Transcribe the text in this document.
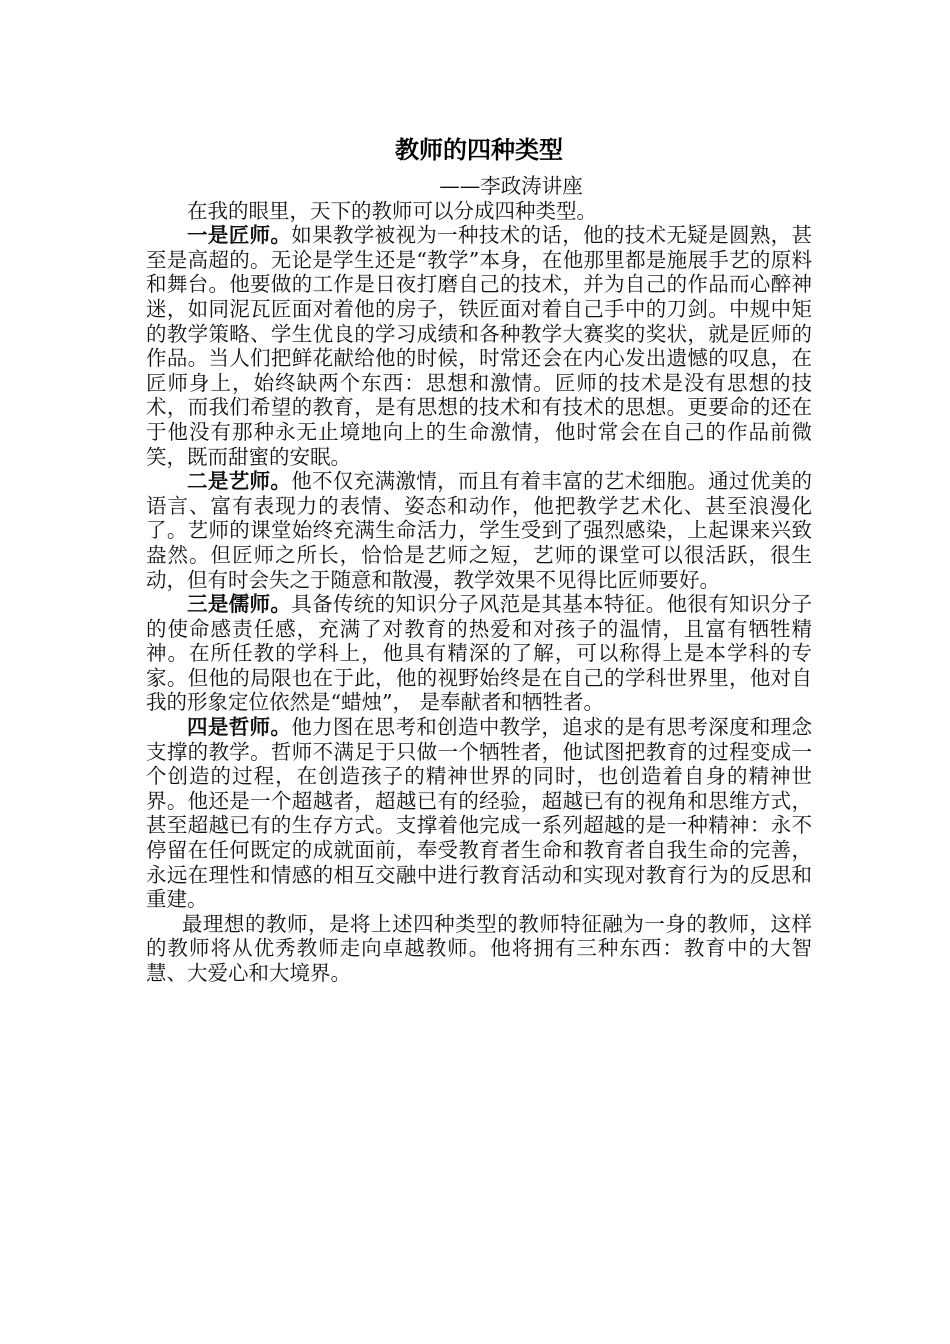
教师的四种类型

——李政涛讲座

在我的眼里，天下的教师可以分成四种类型。

一是匠师。如果教学被视为一种技术的话，他的技术无疑是圆熟，甚至是高超的。无论是学生还是“教学”本身，在他那里都是施展手艺的原料和舞台。他要做的工作是日夜打磨自己的技术，并为自己的作品而心醉神迷，如同泥瓦匠面对着他的房子，铁匠面对着自己手中的刀剑。中规中矩的教学策略、学生优良的学习成绩和各种教学大赛奖的奖状，就是匠师的作品。当人们把鲜花献给他的时候，时常还会在内心发出遗憾的叹息，在匠师身上，始终缺两个东西：思想和激情。匠师的技术是没有思想的技术，而我们希望的教育，是有思想的技术和有技术的思想。更要命的还在于他没有那种永无止境地向上的生命激情，他时常会在自己的作品前微笑，既而甜蜜的安眠。

二是艺师。他不仅充满激情，而且有着丰富的艺术细胞。通过优美的语言、富有表现力的表情、姿态和动作，他把教学艺术化、甚至浪漫化了。艺师的课堂始终充满生命活力，学生受到了强烈感染，上起课来兴致盎然。但匠师之所长，恰恰是艺师之短，艺师的课堂可以很活跃，很生动，但有时会失之于随意和散漫，教学效果不见得比匠师要好。

三是儒师。具备传统的知识分子风范是其基本特征。他很有知识分子的使命感责任感，充满了对教育的热爱和对孩子的温情，且富有牺牲精神。在所任教的学科上，他具有精深的了解，可以称得上是本学科的专家。但他的局限也在于此，他的视野始终是在自己的学科世界里，他对自我的形象定位依然是“蜡烛”， 是奉献者和牺牲者。

四是哲师。他力图在思考和创造中教学，追求的是有思考深度和理念支撑的教学。哲师不满足于只做一个牺牲者，他试图把教育的过程变成一个创造的过程，在创造孩子的精神世界的同时，也创造着自身的精神世界。他还是一个超越者，超越已有的经验，超越已有的视角和思维方式，甚至超越已有的生存方式。支撑着他完成一系列超越的是一种精神：永不停留在任何既定的成就面前，奉受教育者生命和教育者自我生命的完善，永远在理性和情感的相互交融中进行教育活动和实现对教育行为的反思和重建。

最理想的教师，是将上述四种类型的教师特征融为一身的教师，这样的教师将从优秀教师走向卓越教师。他将拥有三种东西：教育中的大智慧、大爱心和大境界。
